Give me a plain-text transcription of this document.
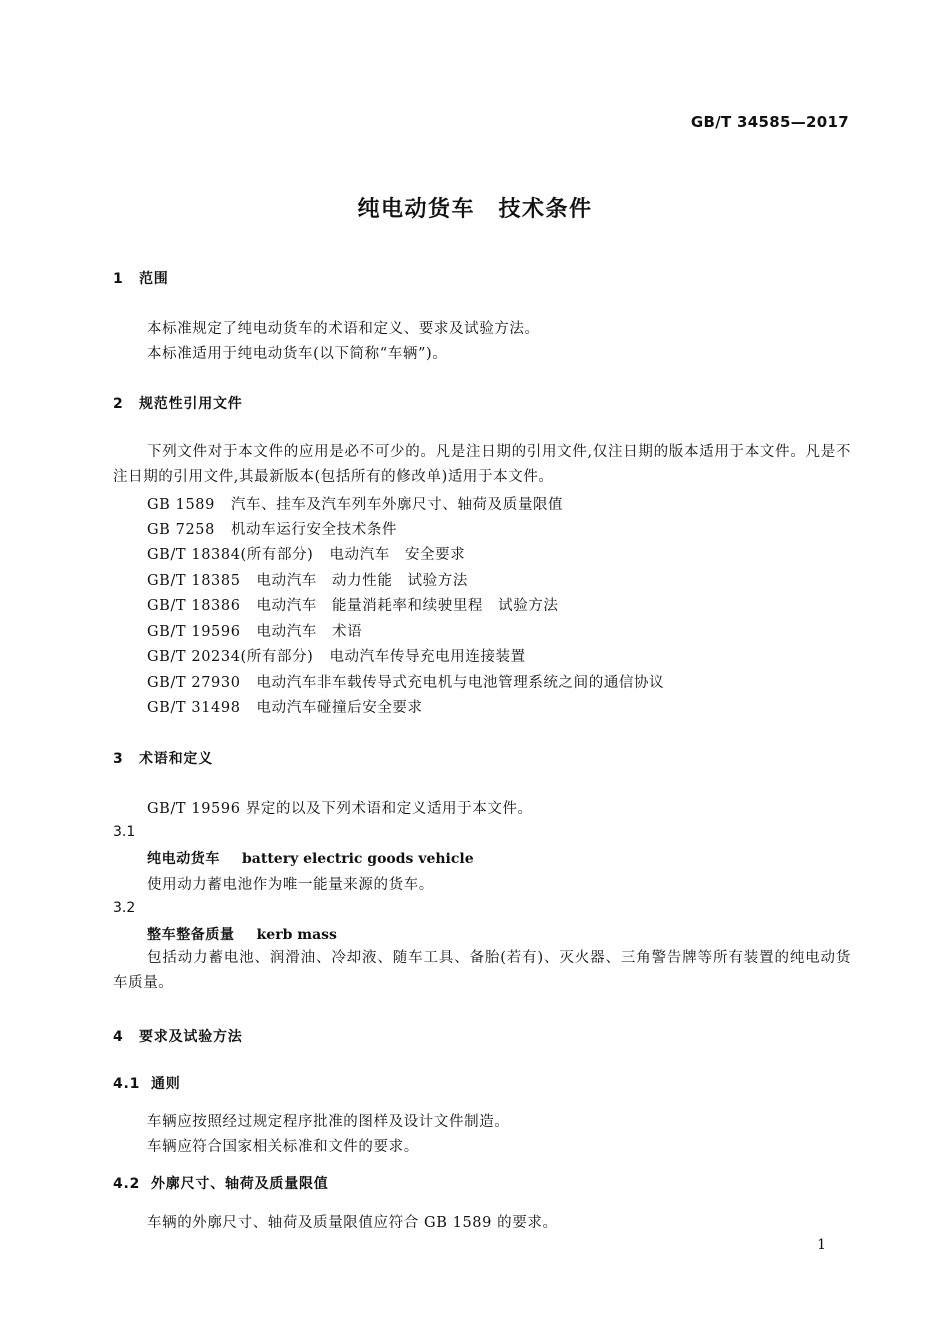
GB/T 34585—2017
纯电动货车　技术条件
1 范围
本标准规定了纯电动货车的术语和定义、要求及试验方法。
本标准适用于纯电动货车(以下简称“车辆”)。
2 规范性引用文件
下列文件对于本文件的应用是必不可少的。凡是注日期的引用文件,仅注日期的版本适用于本文件。凡是不注日期的引用文件,其最新版本(包括所有的修改单)适用于本文件。
GB 1589 汽车、挂车及汽车列车外廓尺寸、轴荷及质量限值
GB 7258 机动车运行安全技术条件
GB/T 18384(所有部分) 电动汽车　安全要求
GB/T 18385 电动汽车　动力性能　试验方法
GB/T 18386 电动汽车　能量消耗率和续驶里程　试验方法
GB/T 19596 电动汽车　术语
GB/T 20234(所有部分) 电动汽车传导充电用连接装置
GB/T 27930 电动汽车非车载传导式充电机与电池管理系统之间的通信协议
GB/T 31498 电动汽车碰撞后安全要求
3 术语和定义
GB/T 19596 界定的以及下列术语和定义适用于本文件。
3.1
纯电动货车 battery electric goods vehicle
使用动力蓄电池作为唯一能量来源的货车。
3.2
整车整备质量 kerb mass
包括动力蓄电池、润滑油、冷却液、随车工具、备胎(若有)、灭火器、三角警告牌等所有装置的纯电动货车质量。
4 要求及试验方法
4.1 通则
车辆应按照经过规定程序批准的图样及设计文件制造。
车辆应符合国家相关标准和文件的要求。
4.2 外廓尺寸、轴荷及质量限值
车辆的外廓尺寸、轴荷及质量限值应符合 GB 1589 的要求。
1
